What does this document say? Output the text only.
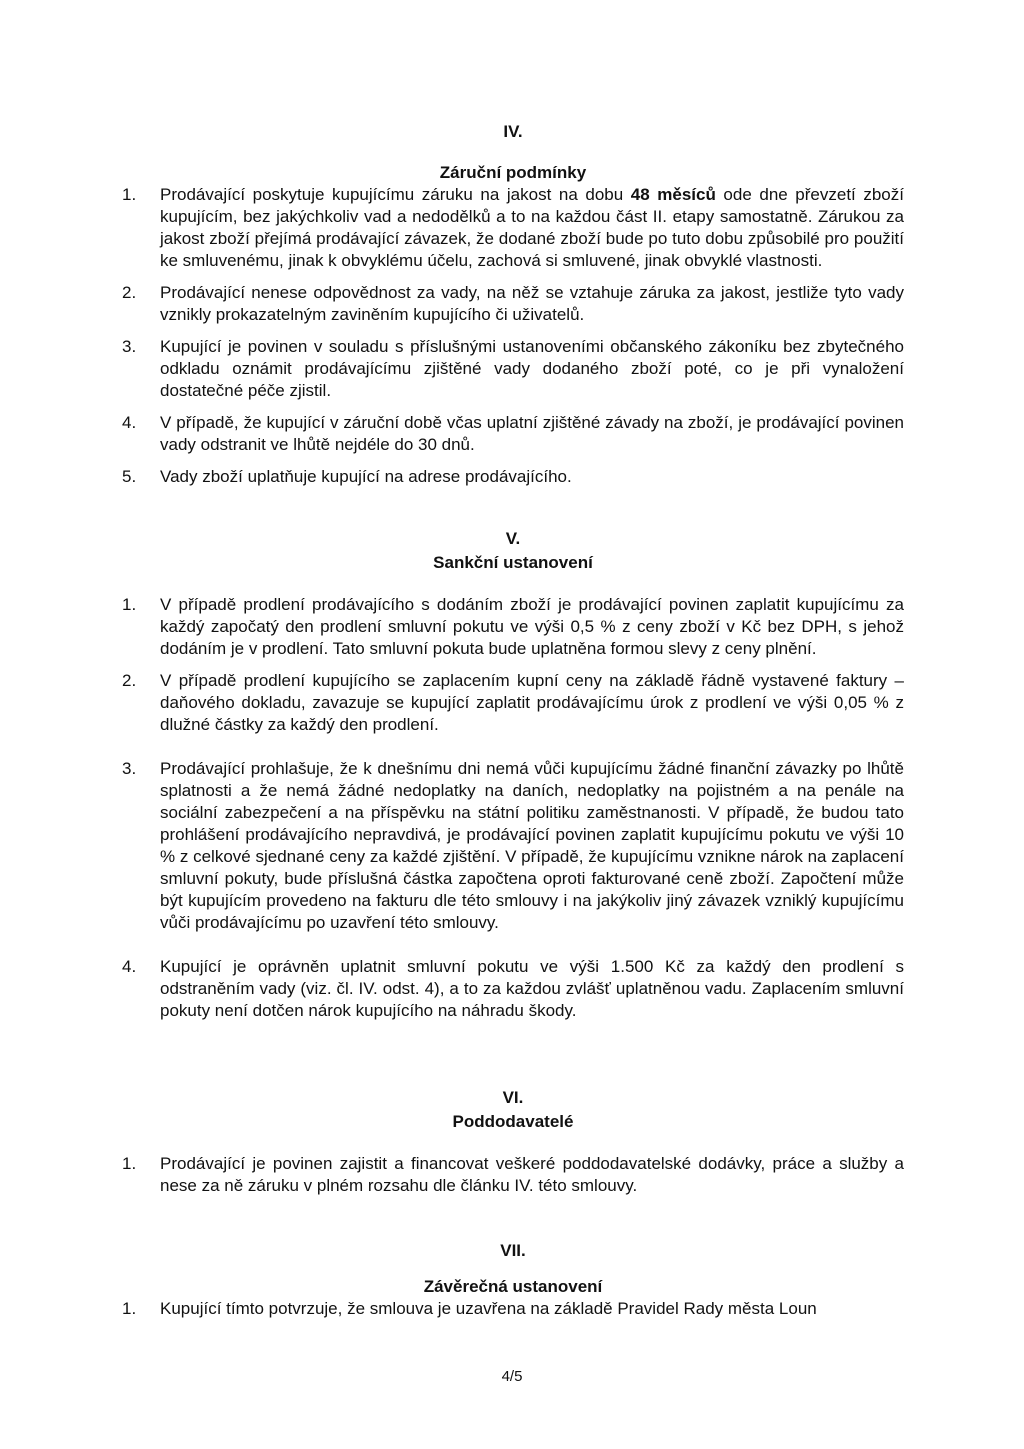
IV.
Záruční podmínky
1.	Prodávající poskytuje kupujícímu záruku na jakost na dobu 48 měsíců ode dne převzetí zboží kupujícím, bez jakýchkoliv vad a nedodělků a to na každou část II. etapy samostatně. Zárukou za jakost zboží přejímá prodávající závazek, že dodané zboží bude po tuto dobu způsobilé pro použití ke smluvenému, jinak k obvyklému účelu, zachová si smluvené, jinak obvyklé vlastnosti.
2.	Prodávající nenese odpovědnost za vady, na něž se vztahuje záruka za jakost, jestliže tyto vady vznikly prokazatelným zaviněním kupujícího či uživatelů.
3.	Kupující je povinen v souladu s příslušnými ustanoveními občanského zákoníku bez zbytečného odkladu oznámit prodávajícímu zjištěné vady dodaného zboží poté, co je při vynaložení dostatečné péče zjistil.
4.	V případě, že kupující v záruční době včas uplatní zjištěné závady na zboží, je prodávající povinen vady odstranit ve lhůtě nejdéle do 30 dnů.
5.	Vady zboží uplatňuje kupující na adrese prodávajícího.
V.
Sankční ustanovení
1.	V případě prodlení prodávajícího s dodáním zboží je prodávající povinen zaplatit kupujícímu za každý započatý den prodlení smluvní pokutu ve výši 0,5 % z ceny zboží v Kč bez DPH, s jehož dodáním je v prodlení. Tato smluvní pokuta bude uplatněna formou slevy z ceny plnění.
2.	V případě prodlení kupujícího se zaplacením kupní ceny na základě řádně vystavené faktury – daňového dokladu, zavazuje se kupující zaplatit prodávajícímu úrok z prodlení ve výši 0,05 % z dlužné částky za každý den prodlení.
3.	Prodávající prohlašuje, že k dnešnímu dni nemá vůči kupujícímu žádné finanční závazky po lhůtě splatnosti a že nemá žádné nedoplatky na daních, nedoplatky na pojistném a na penále na sociální zabezpečení a na příspěvku na státní politiku zaměstnanosti. V případě, že budou tato prohlášení prodávajícího nepravdivá, je prodávající povinen zaplatit kupujícímu pokutu ve výši 10 % z celkové sjednané ceny za každé zjištění. V případě, že kupujícímu vznikne nárok na zaplacení smluvní pokuty, bude příslušná částka započtena oproti fakturované ceně zboží. Započtení může být kupujícím provedeno na fakturu dle této smlouvy i na jakýkoliv jiný závazek vzniklý kupujícímu vůči prodávajícímu po uzavření této smlouvy.
4.	Kupující je oprávněn uplatnit smluvní pokutu ve výši 1.500 Kč za každý den prodlení s odstraněním vady (viz. čl. IV. odst. 4), a to za každou zvlášť uplatněnou vadu. Zaplacením smluvní pokuty není dotčen nárok kupujícího na náhradu škody.
VI.
Poddodavatelé
1.	Prodávající je povinen zajistit a financovat veškeré poddodavatelské dodávky, práce a služby a nese za ně záruku v plném rozsahu dle článku IV. této smlouvy.
VII.
Závěrečná ustanovení
1.	Kupující tímto potvrzuje, že smlouva je uzavřena na základě Pravidel Rady města Loun
4/5
